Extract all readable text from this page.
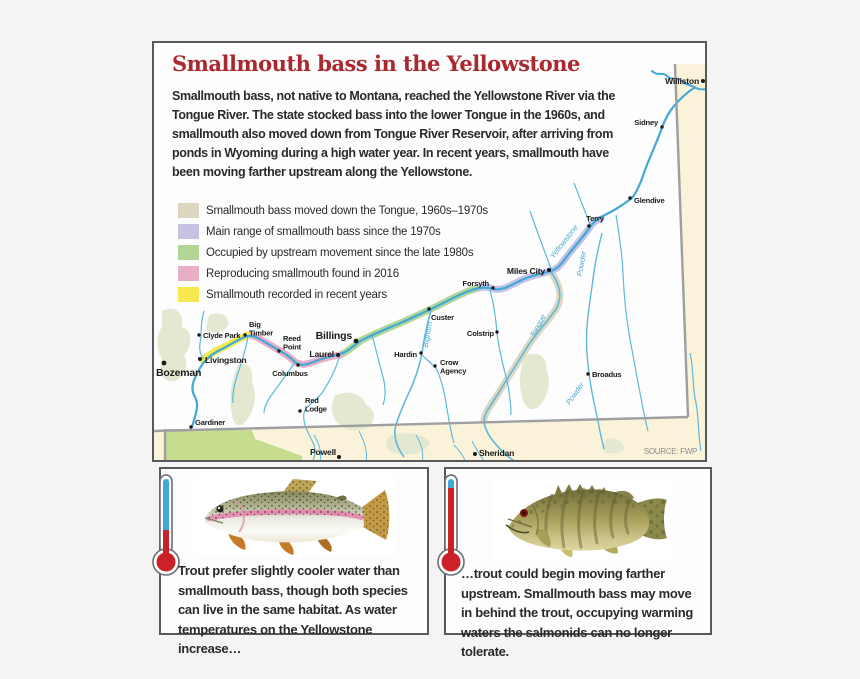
Williston
Sidney
Glendive
Terry
Miles City
Forsyth
Custer
Colstrip
Hardin
Crow
Agency	Broadus
Billings
Laurel
Columbus
Red
Lodge
Big
Timber
Reed
Point
Clyde Park
Livingston
Bozeman
Gardiner
Powell	Sheridan
Yellowstone
Powder
Tongue
Bighorn
Powder
SOURCE: FWP
Smallmouth bass in the Yellowstone
Smallmouth bass, not native to Montana, reached the Yellowstone River via the Tongue River. The state stocked bass into the lower Tongue in the 1960s, and smallmouth also moved down from Tongue River Reservoir, after arriving from ponds in Wyoming during a high water year. In recent years, smallmouth have been moving farther upstream along the Yellowstone.
Smallmouth bass moved down the Tongue, 1960s–1970s
Main range of smallmouth bass since the 1970s
Occupied by upstream movement since the late 1980s
Reproducing smallmouth found in 2016
Smallmouth recorded in recent years

Trout prefer slightly cooler water than smallmouth bass, though both species can live in the same habitat. As water temperatures on the Yellowstone increase…

…trout could begin moving farther upstream. Smallmouth bass may move in behind the trout, occupying warming waters the salmonids can no longer tolerate.
